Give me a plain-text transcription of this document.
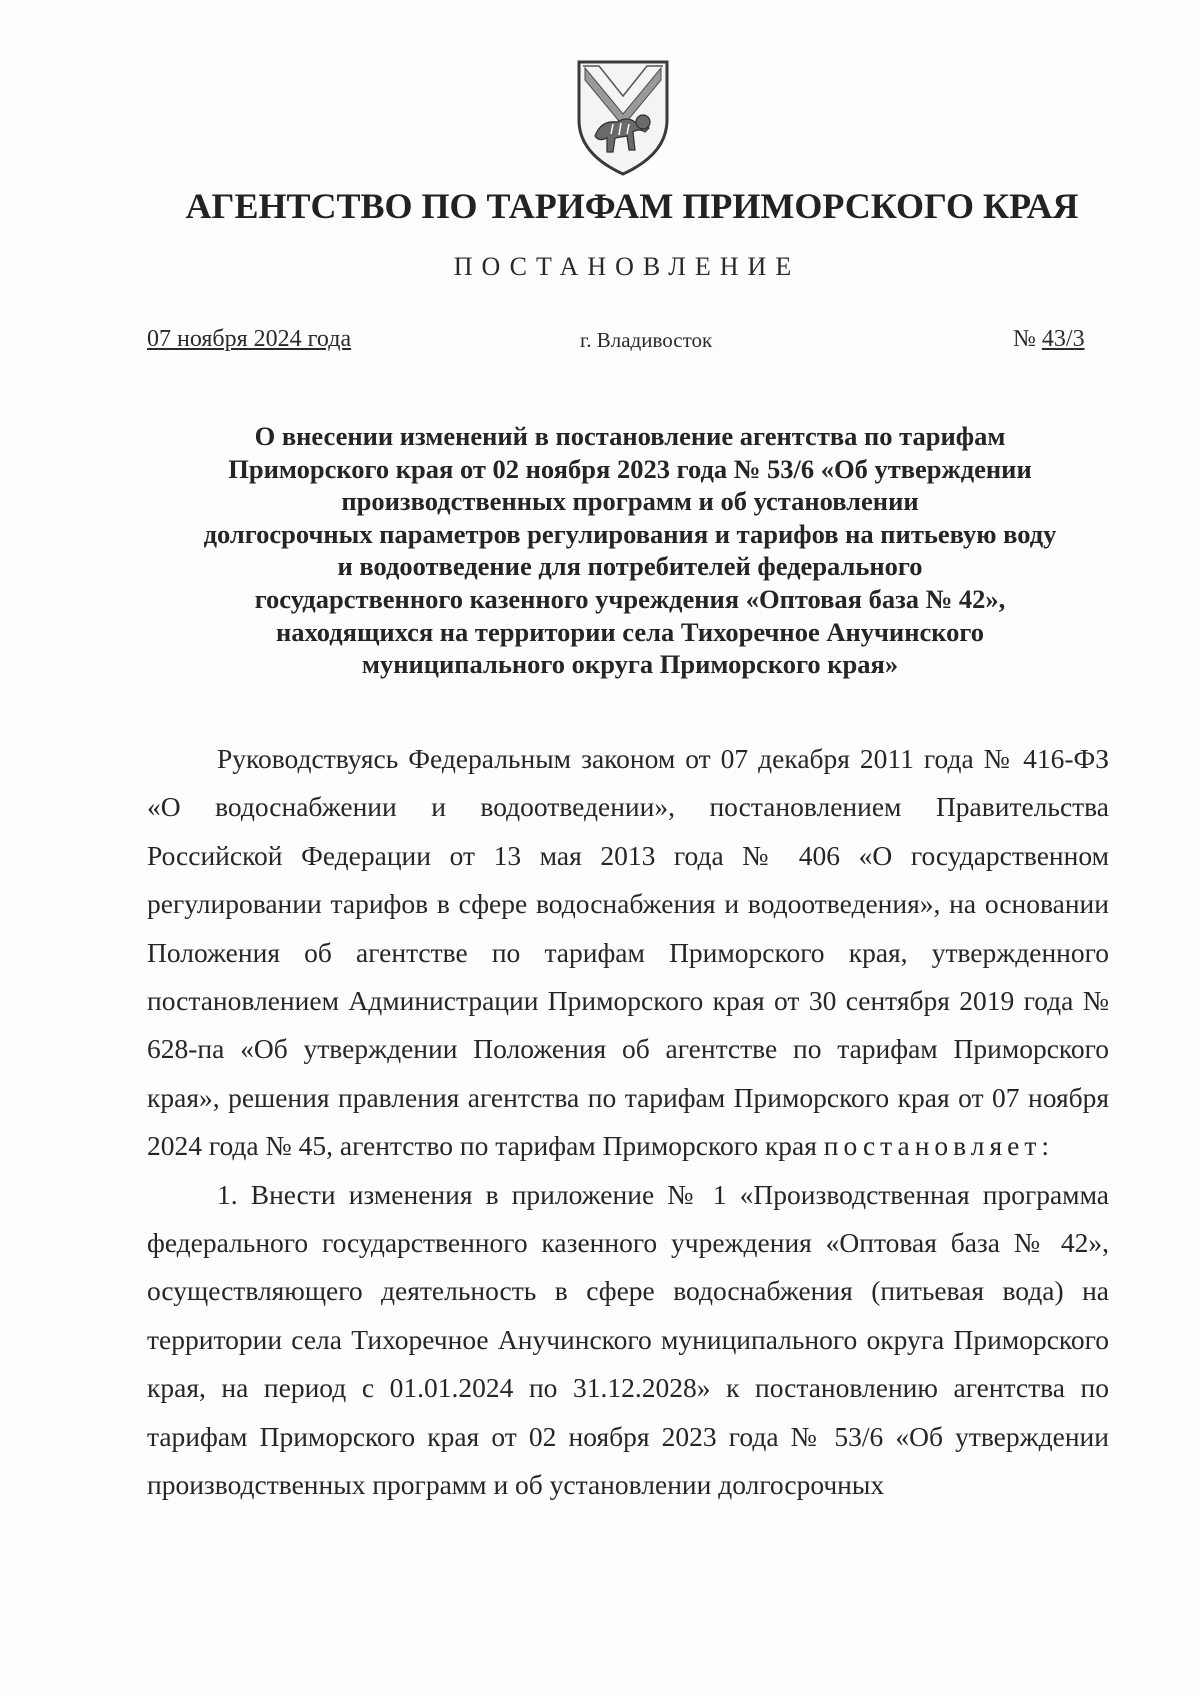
АГЕНТСТВО ПО ТАРИФАМ ПРИМОРСКОГО КРАЯ
ПОСТАНОВЛЕНИЕ
07 ноября 2024 года	г. Владивосток	№ 43/3
О внесении изменений в постановление агентства по тарифам
Приморского края от 02 ноября 2023 года № 53/6 «Об утверждении
производственных программ и об установлении
долгосрочных параметров регулирования и тарифов на питьевую воду
и водоотведение для потребителей федерального
государственного казенного учреждения «Оптовая база № 42»,
находящихся на территории села Тихоречное Анучинского
муниципального округа Приморского края»

Руководствуясь Федеральным законом от 07 декабря 2011 года № 416-ФЗ «О водоснабжении и водоотведении», постановлением Правительства Российской Федерации от 13 мая 2013 года № 406 «О государственном регулировании тарифов в сфере водоснабжения и водоотведения», на основании Положения об агентстве по тарифам Приморского края, утвержденного постановлением Администрации Приморского края от 30 сентября 2019 года № 628-па «Об утверждении Положения об агентстве по тарифам Приморского края», решения правления агентства по тарифам Приморского края от 07 ноября 2024 года № 45, агентство по тарифам Приморского края постановляет:

1. Внести изменения в приложение № 1 «Производственная программа федерального государственного казенного учреждения «Оптовая база № 42», осуществляющего деятельность в сфере водоснабжения (питьевая вода) на территории села Тихоречное Анучинского муниципального округа Приморского края, на период с 01.01.2024 по 31.12.2028» к постановлению агентства по тарифам Приморского края от 02 ноября 2023 года № 53/6 «Об утверждении производственных программ и об установлении долгосрочных
